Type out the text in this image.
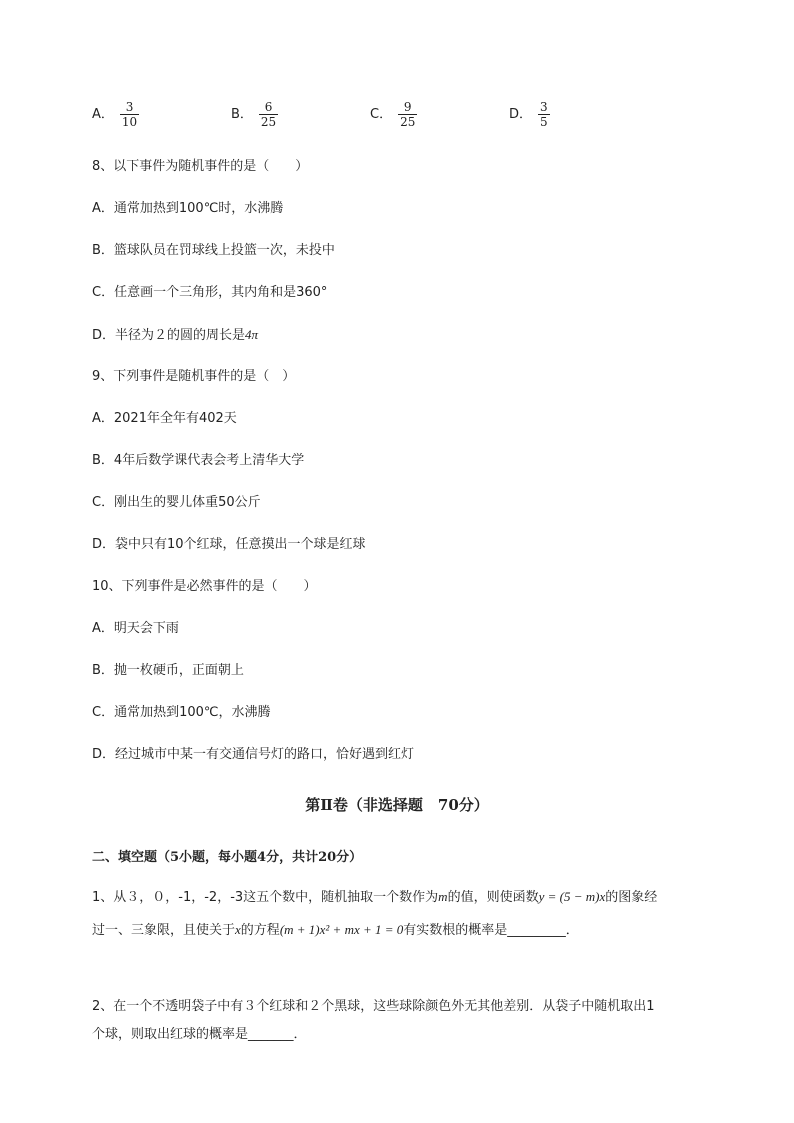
A． $\frac{3}{10}$	B． $\frac{6}{25}$	C． $\frac{9}{25}$	D． $\frac{3}{5}$
8、以下事件为随机事件的是（　　）
A．通常加热到100℃时，水沸腾
B．篮球队员在罚球线上投篮一次，未投中
C．任意画一个三角形，其内角和是360°
D．半径为２的圆的周长是4π
9、下列事件是随机事件的是（　）
A．2021年全年有402天
B．4年后数学课代表会考上清华大学
C．刚出生的婴儿体重50公斤
D．袋中只有10个红球，任意摸出一个球是红球
10、下列事件是必然事件的是（　　）
A．明天会下雨
B．抛一枚硬币，正面朝上
C．通常加热到100℃，水沸腾
D．经过城市中某一有交通信号灯的路口，恰好遇到红灯
第Ⅱ卷（非选择题　70分）
二、填空题（5小题，每小题4分，共计20分）
1、从３，０，-1，-2，-3这五个数中，随机抽取一个数作为m的值，则使函数y = (5 − m)x的图象经
过一、三象限，且使关于x的方程(m + 1)x² + mx + 1 = 0有实数根的概率是_________．
2、在一个不透明袋子中有３个红球和２个黑球，这些球除颜色外无其他差别．从袋子中随机取出1
个球，则取出红球的概率是_______．
